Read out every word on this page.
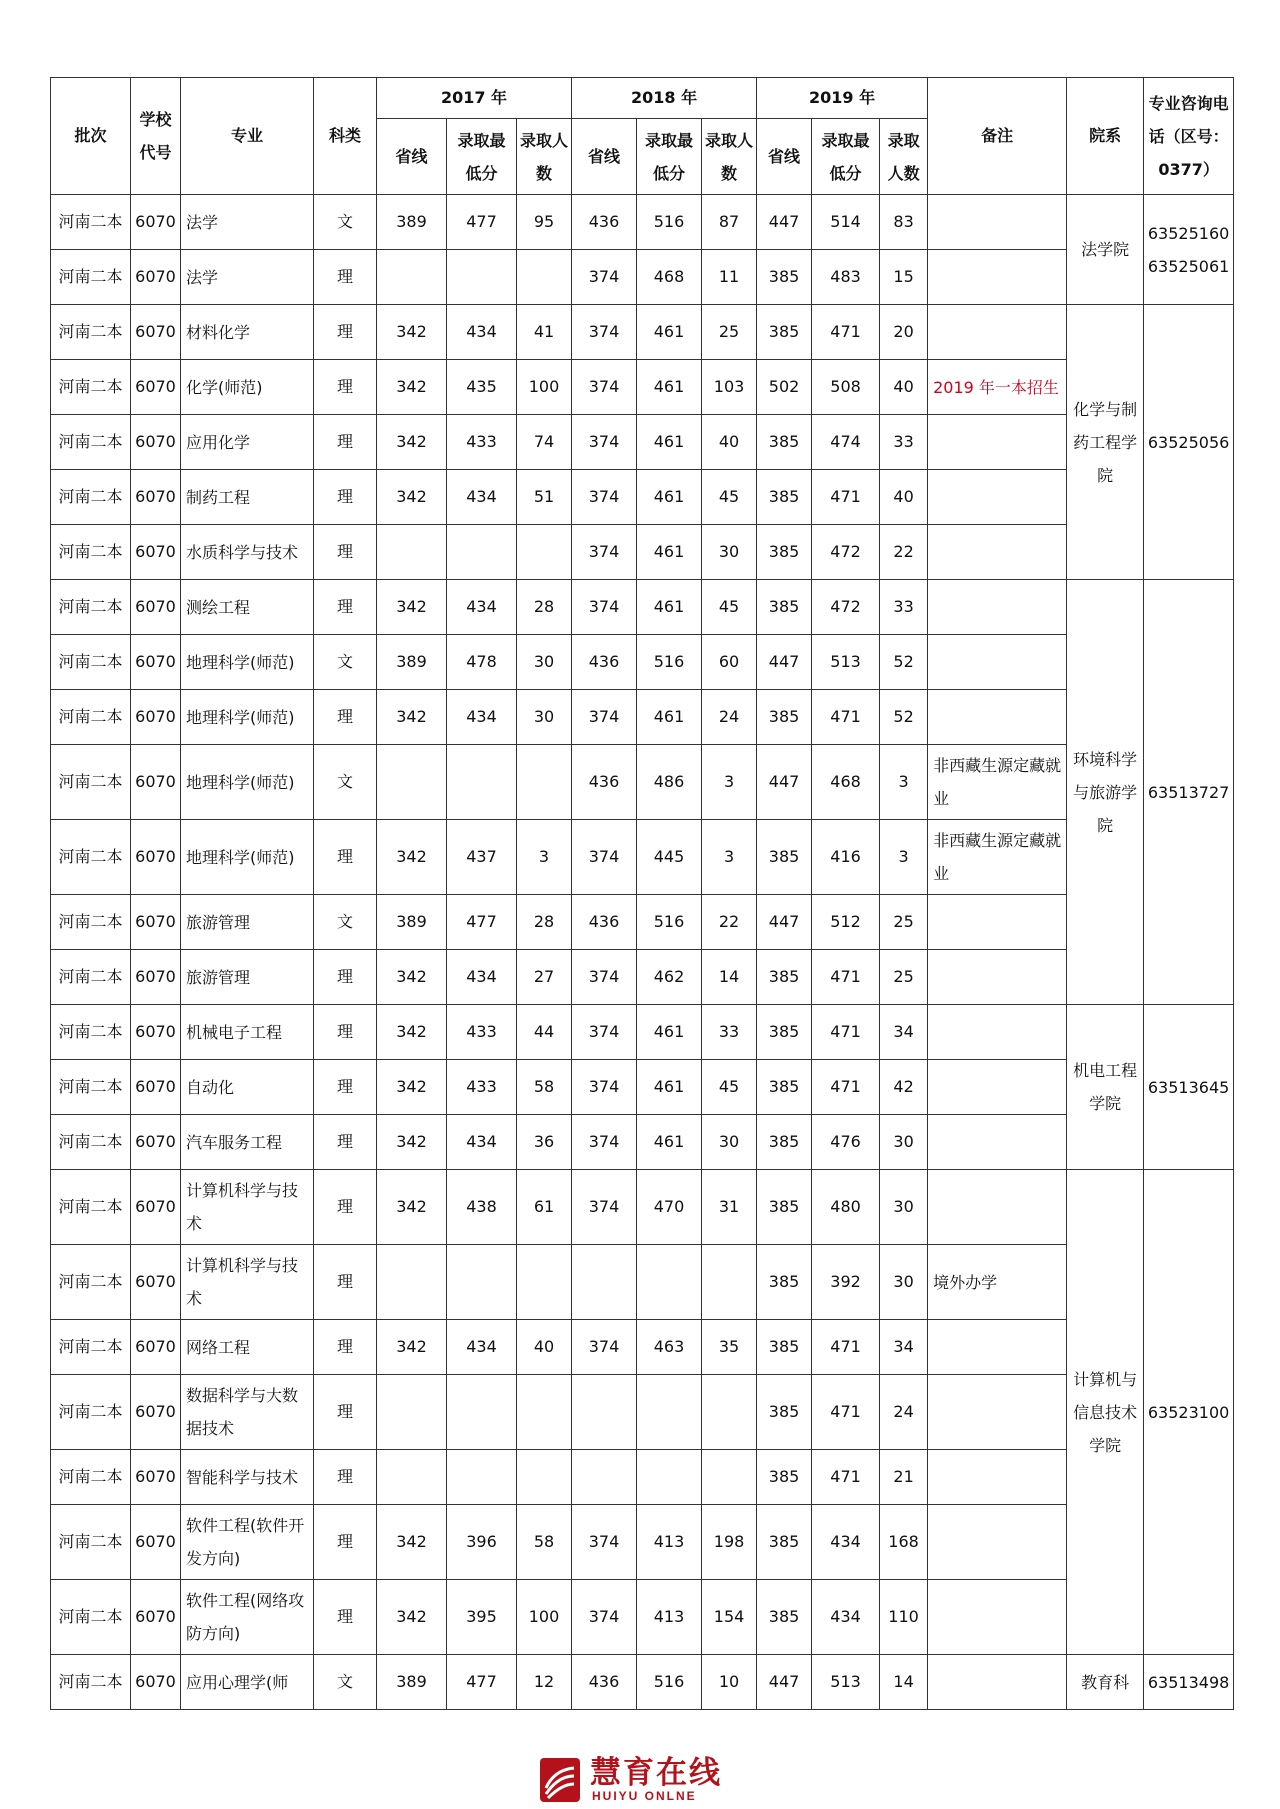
批次	学校代号	专业	科类	2017 年			2018 年			2019 年			备注	院系	专业咨询电话（区号：0377）
				省线	录取最低分	录取人数	省线	录取最低分	录取人数	省线	录取最低分	录取人数			
河南二本	6070	法学	文	389	477	95	436	516	87	447	514	83		法学院	63525160 63525061
河南二本	6070	法学	理				374	468	11	385	483	15			
河南二本	6070	材料化学	理	342	434	41	374	461	25	385	471	20		化学与制药工程学院	63525056
河南二本	6070	化学(师范)	理	342	435	100	374	461	103	502	508	40	2019 年一本招生		
河南二本	6070	应用化学	理	342	433	74	374	461	40	385	474	33			
河南二本	6070	制药工程	理	342	434	51	374	461	45	385	471	40			
河南二本	6070	水质科学与技术	理				374	461	30	385	472	22			
河南二本	6070	测绘工程	理	342	434	28	374	461	45	385	472	33		环境科学与旅游学院	63513727
河南二本	6070	地理科学(师范)	文	389	478	30	436	516	60	447	513	52			
河南二本	6070	地理科学(师范)	理	342	434	30	374	461	24	385	471	52			
河南二本	6070	地理科学(师范)	文				436	486	3	447	468	3	非西藏生源定藏就业		
河南二本	6070	地理科学(师范)	理	342	437	3	374	445	3	385	416	3	非西藏生源定藏就业		
河南二本	6070	旅游管理	文	389	477	28	436	516	22	447	512	25			
河南二本	6070	旅游管理	理	342	434	27	374	462	14	385	471	25			
河南二本	6070	机械电子工程	理	342	433	44	374	461	33	385	471	34		机电工程学院	63513645
河南二本	6070	自动化	理	342	433	58	374	461	45	385	471	42			
河南二本	6070	汽车服务工程	理	342	434	36	374	461	30	385	476	30			
河南二本	6070	计算机科学与技术	理	342	438	61	374	470	31	385	480	30		计算机与信息技术学院	63523100
河南二本	6070	计算机科学与技术	理							385	392	30	境外办学		
河南二本	6070	网络工程	理	342	434	40	374	463	35	385	471	34			
河南二本	6070	数据科学与大数据技术	理							385	471	24			
河南二本	6070	智能科学与技术	理							385	471	21			
河南二本	6070	软件工程(软件开发方向)	理	342	396	58	374	413	198	385	434	168			
河南二本	6070	软件工程(网络攻防方向)	理	342	395	100	374	413	154	385	434	110			
河南二本	6070	应用心理学(师	文	389	477	12	436	516	10	447	513	14		教育科	63513498
慧育在线
HUIYU ONLNE
